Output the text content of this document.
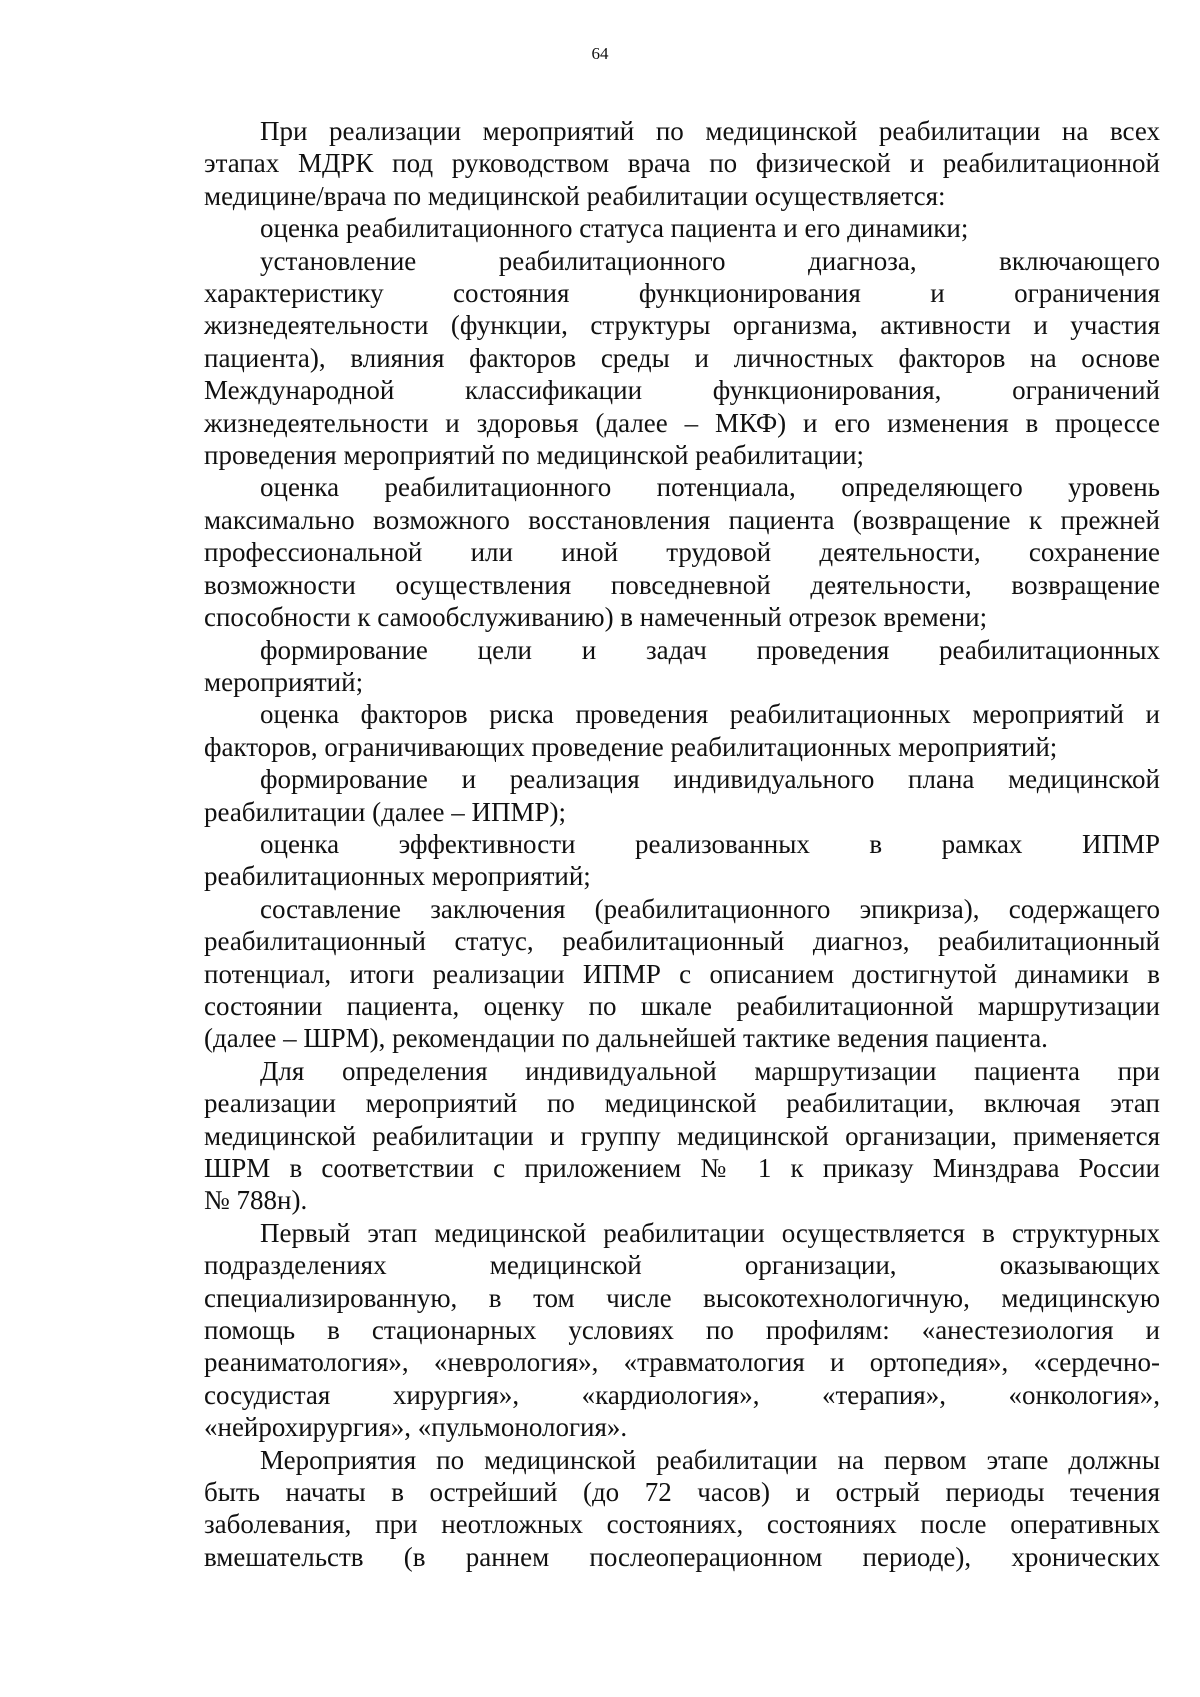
64
При реализации мероприятий по медицинской реабилитации на всех
этапах МДРК под руководством врача по физической и реабилитационной
медицине/врача по медицинской реабилитации осуществляется:
оценка реабилитационного статуса пациента и его динамики;
установление реабилитационного диагноза, включающего
характеристику состояния функционирования и ограничения
жизнедеятельности (функции, структуры организма, активности и участия
пациента), влияния факторов среды и личностных факторов на основе
Международной классификации функционирования, ограничений
жизнедеятельности и здоровья (далее – МКФ) и его изменения в процессе
проведения мероприятий по медицинской реабилитации;
оценка реабилитационного потенциала, определяющего уровень
максимально возможного восстановления пациента (возвращение к прежней
профессиональной или иной трудовой деятельности, сохранение
возможности осуществления повседневной деятельности, возвращение
способности к самообслуживанию) в намеченный отрезок времени;
формирование цели и задач проведения реабилитационных
мероприятий;
оценка факторов риска проведения реабилитационных мероприятий и
факторов, ограничивающих проведение реабилитационных мероприятий;
формирование и реализация индивидуального плана медицинской
реабилитации (далее – ИПМР);
оценка эффективности реализованных в рамках ИПМР
реабилитационных мероприятий;
составление заключения (реабилитационного эпикриза), содержащего
реабилитационный статус, реабилитационный диагноз, реабилитационный
потенциал, итоги реализации ИПМР с описанием достигнутой динамики в
состоянии пациента, оценку по шкале реабилитационной маршрутизации
(далее – ШРМ), рекомендации по дальнейшей тактике ведения пациента.
Для определения индивидуальной маршрутизации пациента при
реализации мероприятий по медицинской реабилитации, включая этап
медицинской реабилитации и группу медицинской организации, применяется
ШРМ в соответствии с приложением № 1 к приказу Минздрава России
№ 788н).
Первый этап медицинской реабилитации осуществляется в структурных
подразделениях медицинской организации, оказывающих
специализированную, в том числе высокотехнологичную, медицинскую
помощь в стационарных условиях по профилям: «анестезиология и
реаниматология», «неврология», «травматология и ортопедия», «сердечно-
сосудистая хирургия», «кардиология», «терапия», «онкология»,
«нейрохирургия», «пульмонология».
Мероприятия по медицинской реабилитации на первом этапе должны
быть начаты в острейший (до 72 часов) и острый периоды течения
заболевания, при неотложных состояниях, состояниях после оперативных
вмешательств (в раннем послеоперационном периоде), хронических
